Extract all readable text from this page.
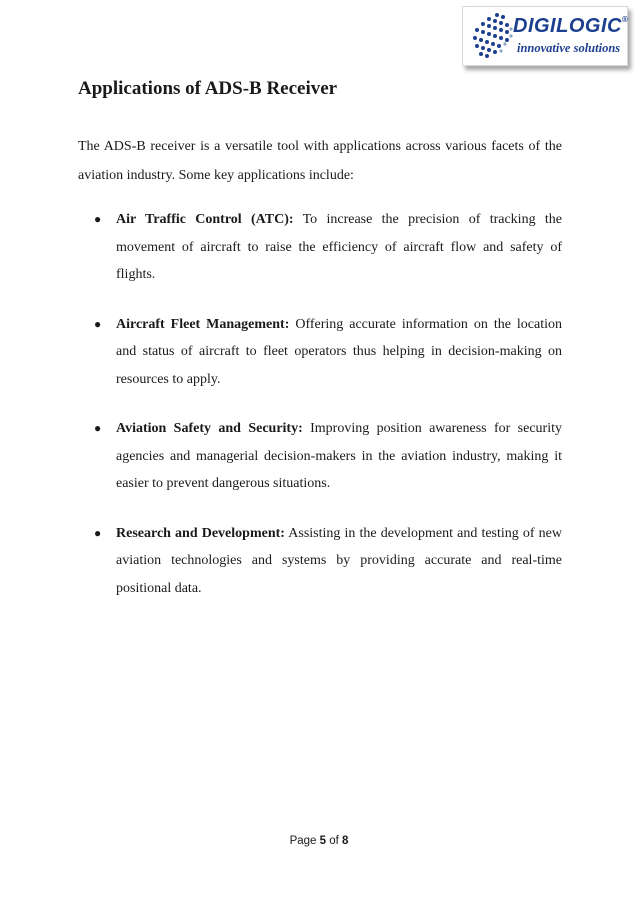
DIGILOGIC®
innovative solutions
Applications of ADS-B Receiver

The ADS-B receiver is a versatile tool with applications across various facets of the aviation industry. Some key applications include:

● Air Traffic Control (ATC): To increase the precision of tracking the movement of aircraft to raise the efficiency of aircraft flow and safety of flights.
● Aircraft Fleet Management: Offering accurate information on the location and status of aircraft to fleet operators thus helping in decision-making on resources to apply.
● Aviation Safety and Security: Improving position awareness for security agencies and managerial decision-makers in the aviation industry, making it easier to prevent dangerous situations.
● Research and Development: Assisting in the development and testing of new aviation technologies and systems by providing accurate and real-time positional data.
Page 5 of 8
